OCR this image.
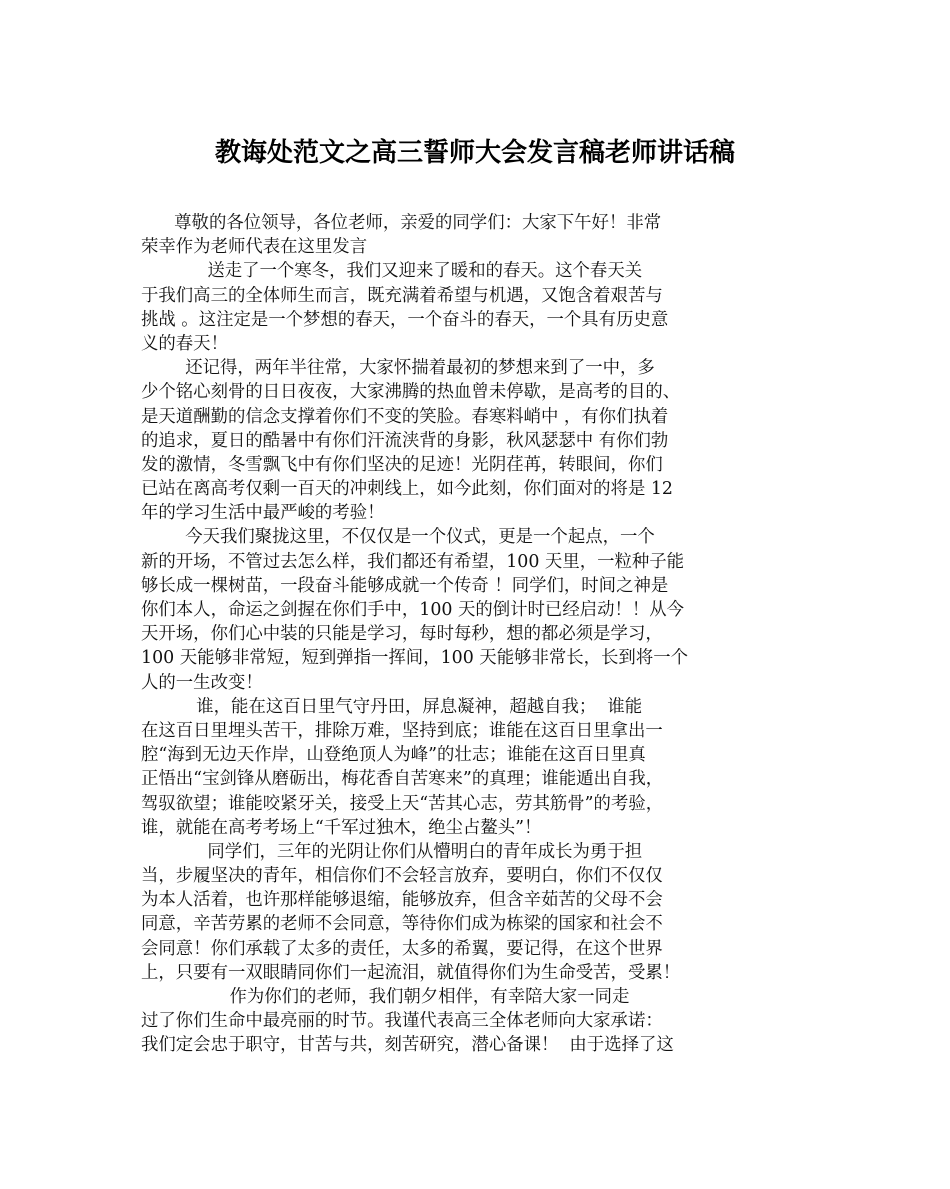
教诲处范文之高三誓师大会发言稿老师讲话稿
尊敬的各位领导，各位老师，亲爱的同学们：大家下午好！非常
荣幸作为老师代表在这里发言
送走了一个寒冬，我们又迎来了暖和的春天。这个春天关
于我们高三的全体师生而言，既充满着希望与机遇，又饱含着艰苦与
挑战 。这注定是一个梦想的春天，一个奋斗的春天，一个具有历史意
义的春天！
还记得，两年半往常，大家怀揣着最初的梦想来到了一中，多
少个铭心刻骨的日日夜夜，大家沸腾的热血曾未停歇，是高考的目的、
是天道酬勤的信念支撑着你们不变的笑脸。春寒料峭中 ，有你们执着
的追求，夏日的酷暑中有你们汗流浃背的身影，秋风瑟瑟中 有你们勃
发的激情，冬雪飘飞中有你们坚决的足迹！光阴荏苒，转眼间，你们
已站在离高考仅剩一百天的冲刺线上，如今此刻，你们面对的将是 12
年的学习生活中最严峻的考验！
今天我们聚拢这里，不仅仅是一个仪式，更是一个起点，一个
新的开场，不管过去怎么样，我们都还有希望，100 天里，一粒种子能
够长成一棵树苗，一段奋斗能够成就一个传奇 ！同学们，时间之神是
你们本人，命运之剑握在你们手中，100 天的倒计时已经启动！！从今
天开场，你们心中装的只能是学习，每时每秒，想的都必须是学习，
100 天能够非常短，短到弹指一挥间，100 天能够非常长，长到将一个
人的一生改变！
谁，能在这百日里气守丹田，屏息凝神，超越自我；  谁能
在这百日里埋头苦干，排除万难，坚持到底；谁能在这百日里拿出一
腔“海到无边天作岸，山登绝顶人为峰”的壮志；谁能在这百日里真
正悟出“宝剑锋从磨砺出，梅花香自苦寒来”的真理；谁能遁出自我，
驾驭欲望；谁能咬紧牙关，接受上天“苦其心志，劳其筋骨”的考验，
谁，就能在高考考场上“千军过独木，绝尘占鳌头”！
同学们，三年的光阴让你们从懵明白的青年成长为勇于担
当，步履坚决的青年，相信你们不会轻言放弃，要明白，你们不仅仅
为本人活着，也许那样能够退缩，能够放弃，但含辛茹苦的父母不会
同意，辛苦劳累的老师不会同意，等待你们成为栋梁的国家和社会不
会同意！你们承载了太多的责任，太多的希翼，要记得，在这个世界
上，只要有一双眼睛同你们一起流泪，就值得你们为生命受苦，受累！
作为你们的老师，我们朝夕相伴，有幸陪大家一同走
过了你们生命中最亮丽的时节。我谨代表高三全体老师向大家承诺：
我们定会忠于职守，甘苦与共，刻苦研究，潜心备课！  由于选择了这
